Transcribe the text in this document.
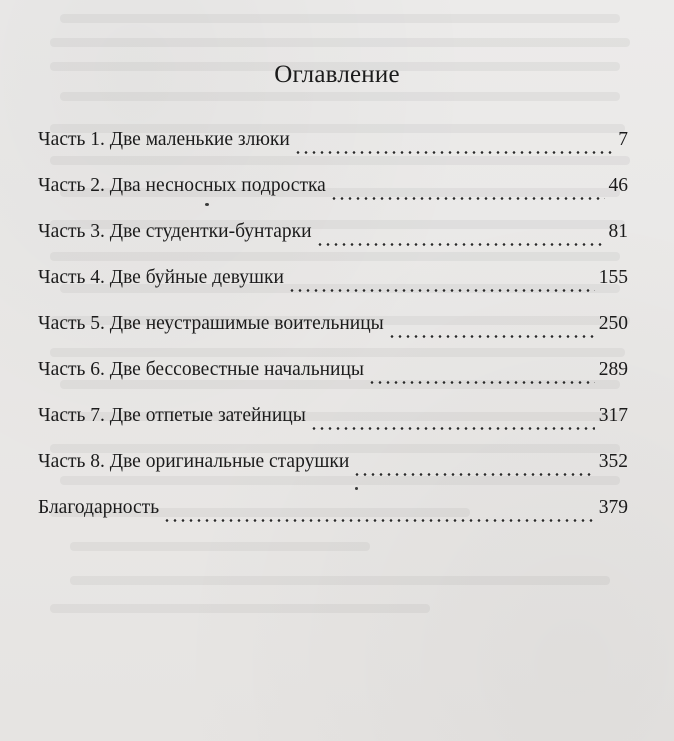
Оглавление
Часть 1. Две маленькие злюки	7
Часть 2. Два несносных подростка	46
Часть 3. Две студентки-бунтарки	81
Часть 4. Две буйные девушки	155
Часть 5. Две неустрашимые воительницы	250
Часть 6. Две бессовестные начальницы	289
Часть 7. Две отпетые затейницы	317
Часть 8. Две оригинальные старушки	352
Благодарность	379
